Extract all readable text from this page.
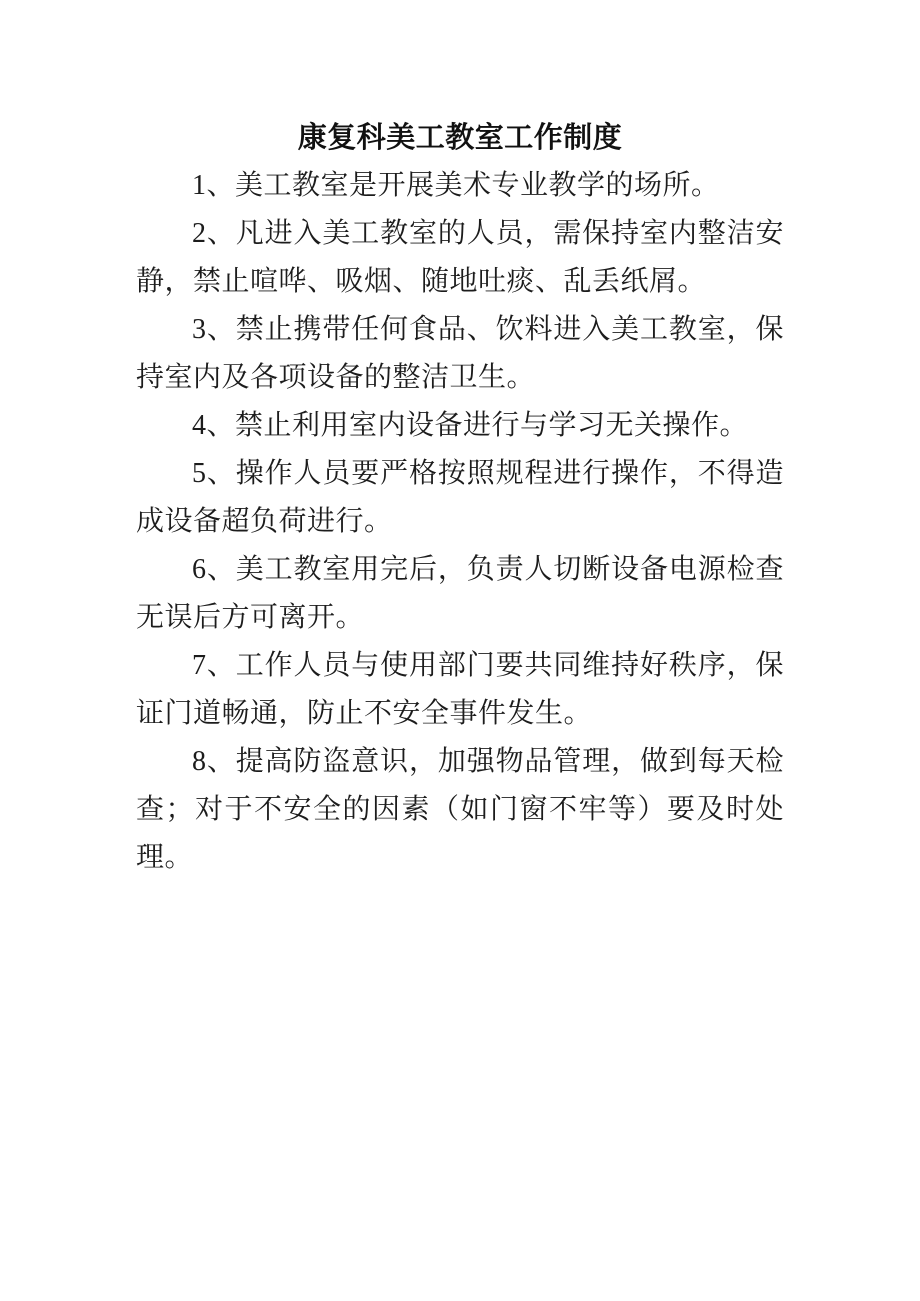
康复科美工教室工作制度

1、美工教室是开展美术专业教学的场所。

2、凡进入美工教室的人员，需保持室内整洁安静，禁止喧哗、吸烟、随地吐痰、乱丢纸屑。

3、禁止携带任何食品、饮料进入美工教室，保持室内及各项设备的整洁卫生。

4、禁止利用室内设备进行与学习无关操作。

5、操作人员要严格按照规程进行操作，不得造成设备超负荷进行。

6、美工教室用完后，负责人切断设备电源检查无误后方可离开。

7、工作人员与使用部门要共同维持好秩序，保证门道畅通，防止不安全事件发生。

8、提高防盗意识，加强物品管理，做到每天检查；对于不安全的因素（如门窗不牢等）要及时处理。
